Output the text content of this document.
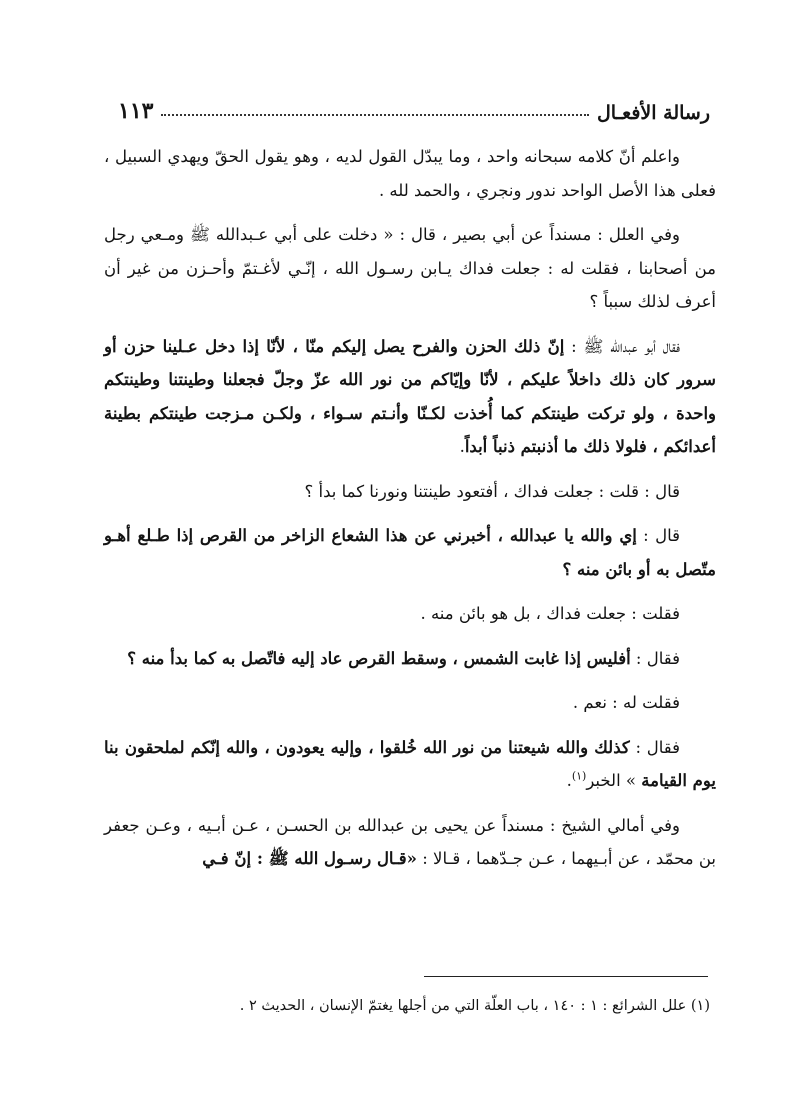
رسالة الأفعـال
١١٣

واعلم أنّ كلامه سبحانه واحد ، وما يبدّل القول لديه ، وهو يقول الحقّ ويهدي السبيل ، فعلى هذا الأصل الواحد ندور ونجري ، والحمد لله .

وفي العلل : مسنداً عن أبي بصير ، قال : « دخلت على أبي عـبدالله ﷺ ومـعي رجل من أصحابنا ، فقلت له : جعلت فداك يـابن رسـول الله ، إنّـي لأغـتمّ وأحـزن من غير أن أعرف لذلك سبباً ؟

فقال أبو عبدالله ﷺ : إنّ ذلك الحزن والفرح يصل إليكم منّا ، لأنّا إذا دخل عـلينا حزن أو سرور كان ذلك داخلاً عليكم ، لأنّا وإيّاكم من نور الله عزّ وجلّ فجعلنا وطينتنا وطينتكم واحدة ، ولو تركت طينتكم كما أُخذت لكـنّا وأنـتم سـواء ، ولكـن مـزجت طينتكم بطينة أعدائكم ، فلولا ذلك ما أذنبتم ذنباً أبداً.

قال : قلت : جعلت فداك ، أفتعود طينتنا ونورنا كما بدأ ؟

قال : إي والله يا عبدالله ، أخبرني عن هذا الشعاع الزاخر من القرص إذا طـلع أهـو متّصل به أو بائن منه ؟

فقلت : جعلت فداك ، بل هو بائن منه .

فقال : أفليس إذا غابت الشمس ، وسقط القرص عاد إليه فاتّصل به كما بدأ منه ؟

فقلت له : نعم .

فقال : كذلك والله شيعتنا من نور الله خُلقوا ، وإليه يعودون ، والله إنّكم لملحقون بنا يوم القيامة » الخبر$^{(١)}$.

وفي أمالي الشيخ : مسنداً عن يحيى بن عبدالله بن الحسـن ، عـن أبـيه ، وعـن جعفر بن محمّد ، عن أبـيهما ، عـن جـدّهما ، قـالا : «قـال رسـول الله ﷺ : إنّ فـي

(١) علل الشرائع : ١ : ١٤٠ ، باب العلّة التي من أجلها يغتمّ الإنسان ، الحديث ٢ .
